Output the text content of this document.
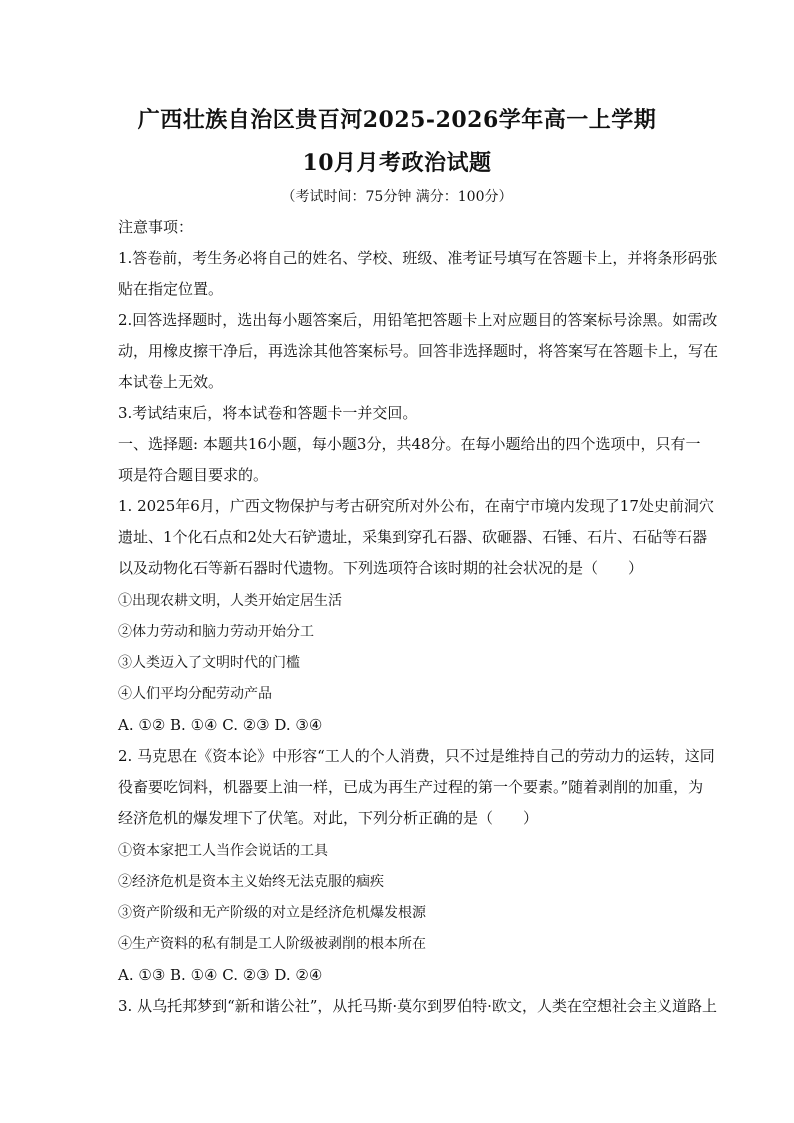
广西壮族自治区贵百河2025-2026学年高一上学期
10月月考政治试题
（考试时间：75分钟 满分：100分）
注意事项：
1.答卷前，考生务必将自己的姓名、学校、班级、准考证号填写在答题卡上，并将条形码张
贴在指定位置。
2.回答选择题时，选出每小题答案后，用铅笔把答题卡上对应题目的答案标号涂黑。如需改
动，用橡皮擦干净后，再选涂其他答案标号。回答非选择题时，将答案写在答题卡上，写在
本试卷上无效。
3.考试结束后，将本试卷和答题卡一并交回。
一、选择题: 本题共16小题，每小题3分，共48分。在每小题给出的四个选项中，只有一
项是符合题目要求的。
1. 2025年6月，广西文物保护与考古研究所对外公布，在南宁市境内发现了17处史前洞穴
遗址、1个化石点和2处大石铲遗址，采集到穿孔石器、砍砸器、石锤、石片、石砧等石器
以及动物化石等新石器时代遗物。下列选项符合该时期的社会状况的是（　　）
①出现农耕文明，人类开始定居生活
②体力劳动和脑力劳动开始分工
③人类迈入了文明时代的门槛
④人们平均分配劳动产品
A. ①② B. ①④ C. ②③ D. ③④
2. 马克思在《资本论》中形容“工人的个人消费，只不过是维持自己的劳动力的运转，这同
役畜要吃饲料，机器要上油一样，已成为再生产过程的第一个要素。”随着剥削的加重，为
经济危机的爆发埋下了伏笔。对此，下列分析正确的是（　　）
①资本家把工人当作会说话的工具
②经济危机是资本主义始终无法克服的痼疾
③资产阶级和无产阶级的对立是经济危机爆发根源
④生产资料的私有制是工人阶级被剥削的根本所在
A. ①③ B. ①④ C. ②③ D. ②④
3. 从乌托邦梦到“新和谐公社”，从托马斯·莫尔到罗伯特·欧文，人类在空想社会主义道路上
